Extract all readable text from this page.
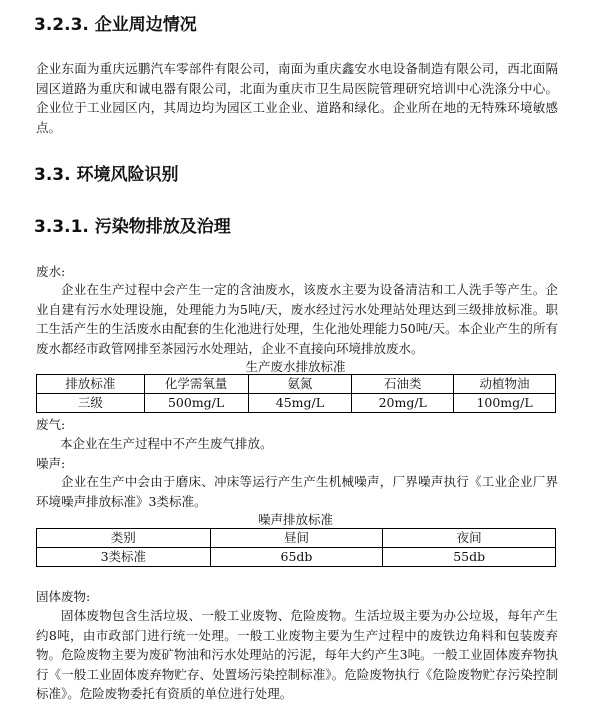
3.2.3. 企业周边情况
企业东面为重庆远鹏汽车零部件有限公司，南面为重庆鑫安水电设备制造有限公司，西北面隔园区道路为重庆和诚电器有限公司，北面为重庆市卫生局医院管理研究培训中心洗涤分中心。企业位于工业园区内，其周边均为园区工业企业、道路和绿化。企业所在地的无特殊环境敏感点。
3.3. 环境风险识别
3.3.1. 污染物排放及治理
废水:
企业在生产过程中会产生一定的含油废水，该废水主要为设备清洁和工人洗手等产生。企业自建有污水处理设施，处理能力为5吨/天，废水经过污水处理站处理达到三级排放标准。职工生活产生的生活废水由配套的生化池进行处理，生化池处理能力50吨/天。本企业产生的所有废水都经市政管网排至茶园污水处理站，企业不直接向环境排放废水。
生产废水排放标准
排放标准	化学需氧量	氨氮	石油类	动植物油
三级	500mg/L	45mg/L	20mg/L	100mg/L
废气:
本企业在生产过程中不产生废气排放。
噪声:
企业在生产中会由于磨床、冲床等运行产生产生机械噪声，厂界噪声执行《工业企业厂界环境噪声排放标准》3类标准。
噪声排放标准
类别	昼间	夜间
3类标准	65db	55db
固体废物:
固体废物包含生活垃圾、一般工业废物、危险废物。生活垃圾主要为办公垃圾，每年产生约8吨，由市政部门进行统一处理。一般工业废物主要为生产过程中的废铁边角料和包装废弃物。危险废物主要为废矿物油和污水处理站的污泥，每年大约产生3吨。一般工业固体废弃物执行《一般工业固体废弃物贮存、处置场污染控制标准》。危险废物执行《危险废物贮存污染控制标准》。危险废物委托有资质的单位进行处理。
